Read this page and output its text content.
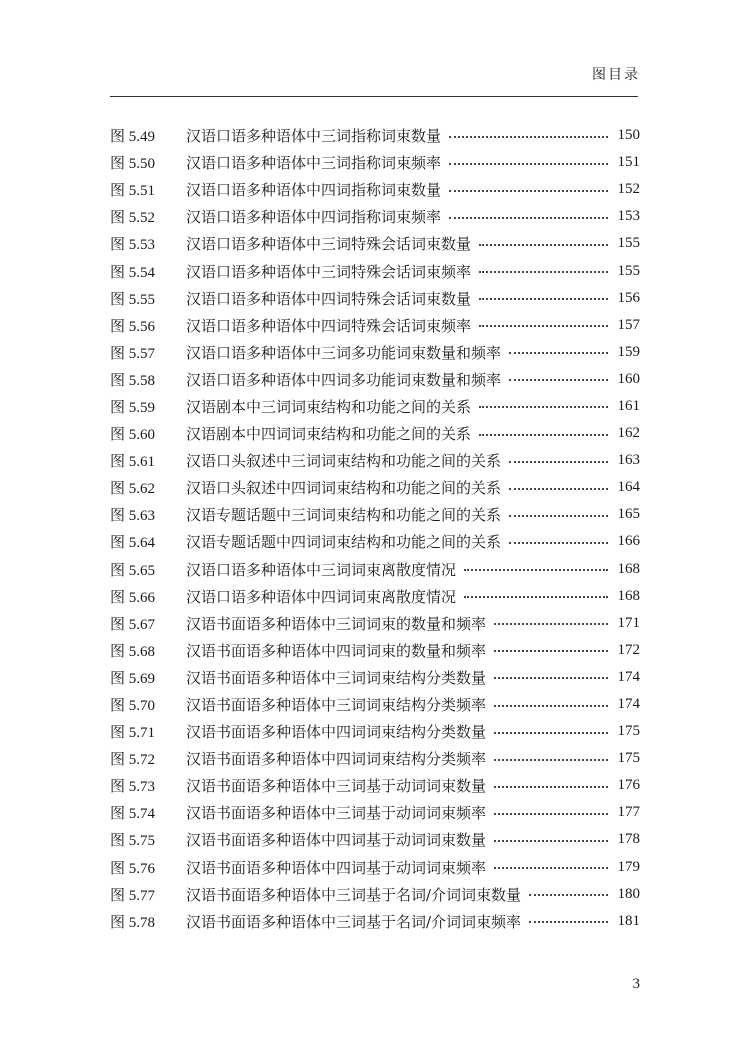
图目录
图 5.49	汉语口语多种语体中三词指称词束数量	150
图 5.50	汉语口语多种语体中三词指称词束频率	151
图 5.51	汉语口语多种语体中四词指称词束数量	152
图 5.52	汉语口语多种语体中四词指称词束频率	153
图 5.53	汉语口语多种语体中三词特殊会话词束数量	155
图 5.54	汉语口语多种语体中三词特殊会话词束频率	155
图 5.55	汉语口语多种语体中四词特殊会话词束数量	156
图 5.56	汉语口语多种语体中四词特殊会话词束频率	157
图 5.57	汉语口语多种语体中三词多功能词束数量和频率	159
图 5.58	汉语口语多种语体中四词多功能词束数量和频率	160
图 5.59	汉语剧本中三词词束结构和功能之间的关系	161
图 5.60	汉语剧本中四词词束结构和功能之间的关系	162
图 5.61	汉语口头叙述中三词词束结构和功能之间的关系	163
图 5.62	汉语口头叙述中四词词束结构和功能之间的关系	164
图 5.63	汉语专题话题中三词词束结构和功能之间的关系	165
图 5.64	汉语专题话题中四词词束结构和功能之间的关系	166
图 5.65	汉语口语多种语体中三词词束离散度情况	168
图 5.66	汉语口语多种语体中四词词束离散度情况	168
图 5.67	汉语书面语多种语体中三词词束的数量和频率	171
图 5.68	汉语书面语多种语体中四词词束的数量和频率	172
图 5.69	汉语书面语多种语体中三词词束结构分类数量	174
图 5.70	汉语书面语多种语体中三词词束结构分类频率	174
图 5.71	汉语书面语多种语体中四词词束结构分类数量	175
图 5.72	汉语书面语多种语体中四词词束结构分类频率	175
图 5.73	汉语书面语多种语体中三词基于动词词束数量	176
图 5.74	汉语书面语多种语体中三词基于动词词束频率	177
图 5.75	汉语书面语多种语体中四词基于动词词束数量	178
图 5.76	汉语书面语多种语体中四词基于动词词束频率	179
图 5.77	汉语书面语多种语体中三词基于名词/介词词束数量	180
图 5.78	汉语书面语多种语体中三词基于名词/介词词束频率	181
3
